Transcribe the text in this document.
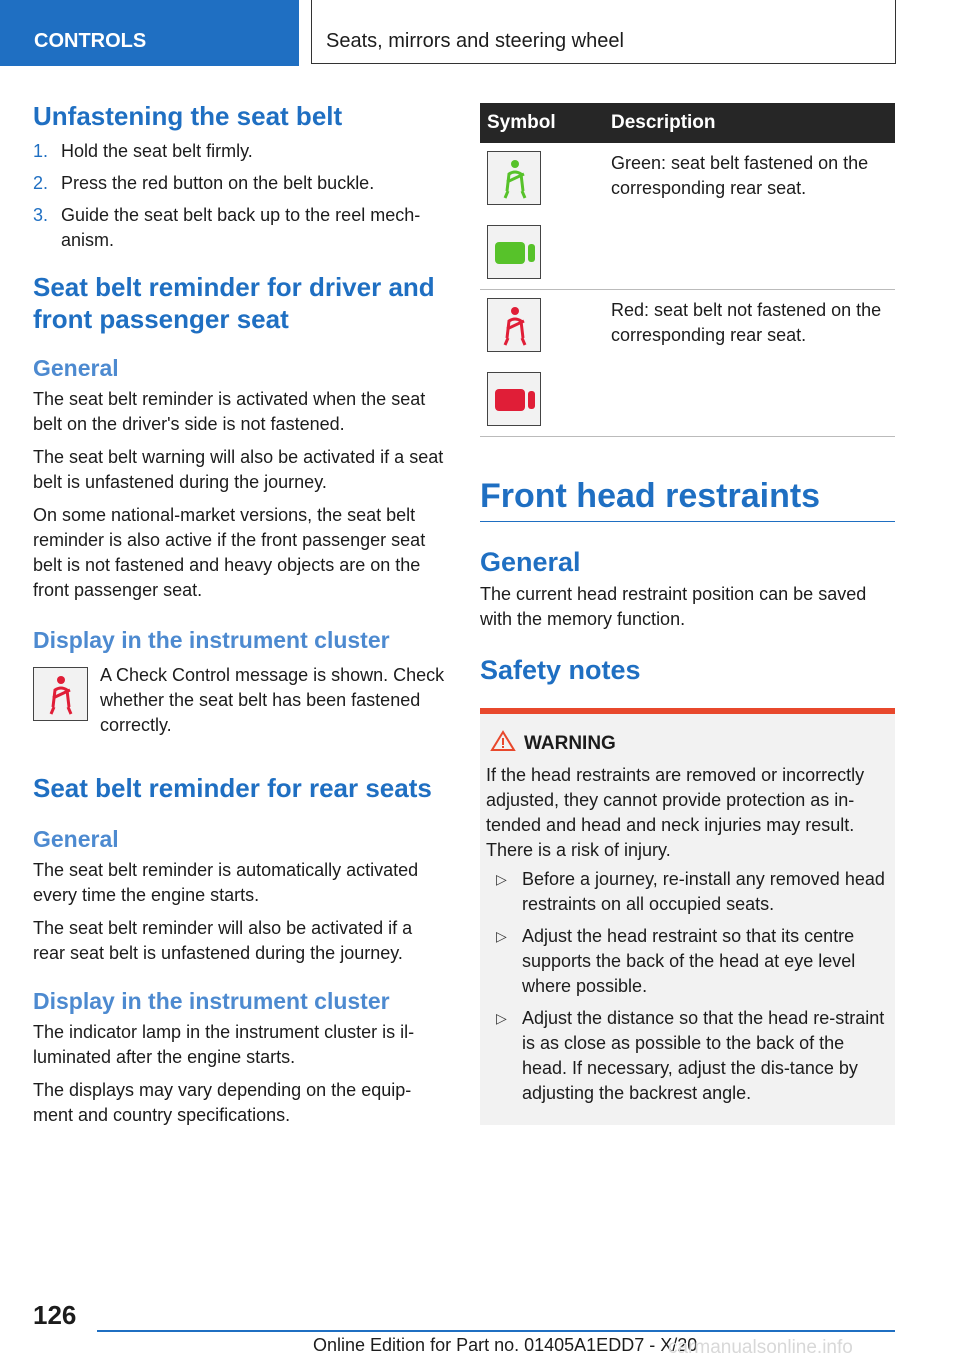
CONTROLS	Seats, mirrors and steering wheel
Unfastening the seat belt
1. Hold the seat belt firmly.
2. Press the red button on the belt buckle.
3. Guide the seat belt back up to the reel mech‐anism.
Seat belt reminder for driver and front passenger seat
General

The seat belt reminder is activated when the seat belt on the driver's side is not fastened.

The seat belt warning will also be activated if a seat belt is unfastened during the journey.

On some national-market versions, the seat belt reminder is also active if the front passenger seat belt is not fastened and heavy objects are on the front passenger seat.

Display in the instrument cluster

A Check Control message is shown. Check whether the seat belt has been fastened correctly.

Seat belt reminder for rear seats
General

The seat belt reminder is automatically activated every time the engine starts.

The seat belt reminder will also be activated if a rear seat belt is unfastened during the journey.

Display in the instrument cluster

The indicator lamp in the instrument cluster is il‐luminated after the engine starts.

The displays may vary depending on the equip‐ment and country specifications.

Symbol	Description

	Green: seat belt fastened on the corresponding rear seat.

	Red: seat belt not fastened on the corresponding rear seat.
Front head restraints
General

The current head restraint position can be saved with the memory function.

Safety notes
WARNING

If the head restraints are removed or incorrectly adjusted, they cannot provide protection as in‐tended and head and neck injuries may result. There is a risk of injury.

▷ Before a journey, re-install any removed head restraints on all occupied seats.
▷ Adjust the head restraint so that its centre supports the back of the head at eye level where possible.
▷ Adjust the distance so that the head re‐straint is as close as possible to the back of the head. If necessary, adjust the dis‐tance by adjusting the backrest angle.
126
Online Edition for Part no. 01405A1EDD7 - X/20
carmanualsonline.info
